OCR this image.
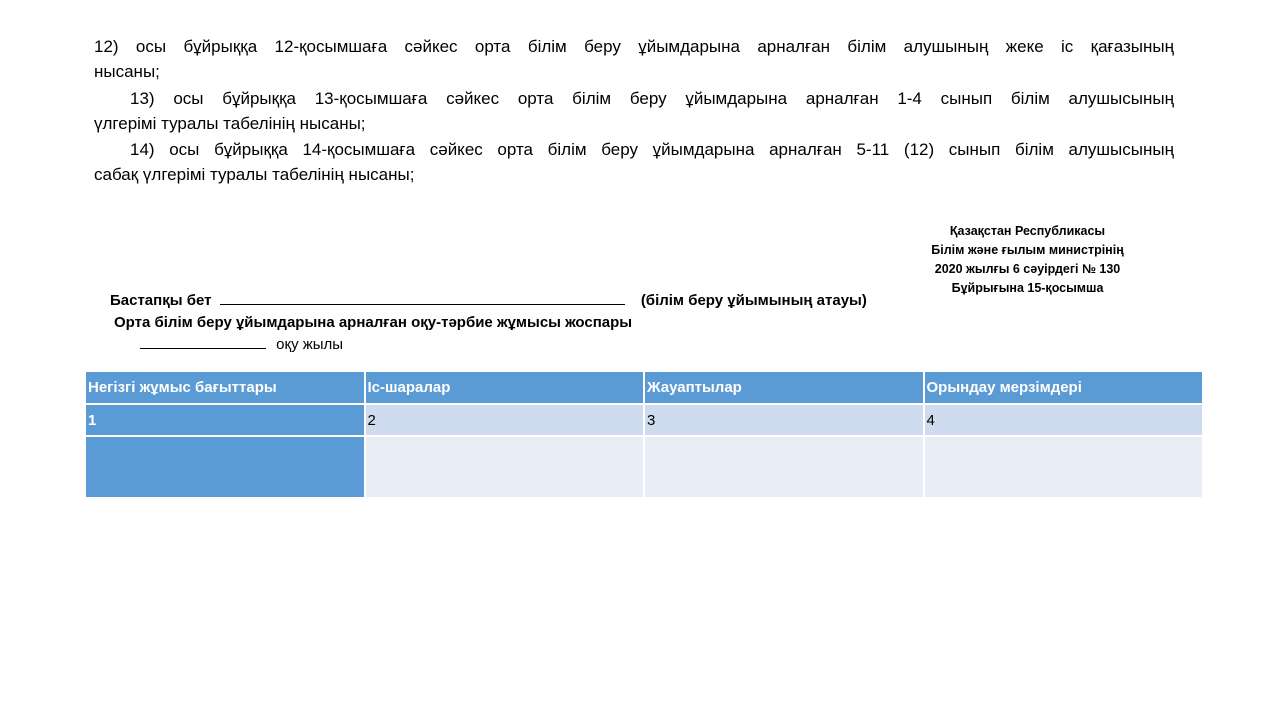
12) осы бұйрыққа 12-қосымшаға сәйкес орта білім беру ұйымдарына арналған білім алушының жеке іс қағазының
нысаны;
13) осы бұйрыққа 13-қосымшаға сәйкес орта білім беру ұйымдарына арналған 1-4 сынып білім алушысының
үлгерімі туралы табелінің нысаны;
14) осы бұйрыққа 14-қосымшаға сәйкес орта білім беру ұйымдарына арналған 5-11 (12) сынып білім алушысының
сабақ үлгерімі туралы табелінің нысаны;
Қазақстан Республикасы
Білім және ғылым министрінің
2020 жылғы 6 сәуірдегі № 130
Бұйрығына 15-қосымша
Бастапқы бет	(білім беру ұйымының атауы)
Орта білім беру ұйымдарына арналған оқу-тәрбие жұмысы жоспары
оқу жылы
Негізгі жұмыс бағыттары	Іс-шаралар	Жауаптылар	Орындау мерзімдері
1	2	3	4
